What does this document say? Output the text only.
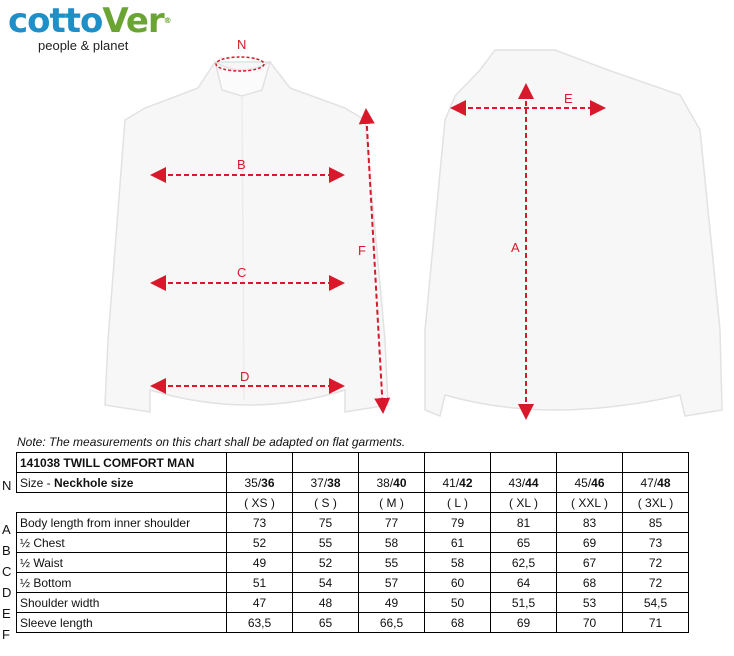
cottoVer®
people & planet	N
B
C
D
F
E
A
Note: The measurements on this chart shall be adapted on flat garments.
N
A
B
C
D
E
F
141038 TWILL COMFORT MAN							
Size - Neckhole size	35/36	37/38	38/40	41/42	43/44	45/46	47/48
	( XS )	( S )	( M )	( L )	( XL )	( XXL )	( 3XL )
Body length from inner shoulder	73	75	77	79	81	83	85
½ Chest	52	55	58	61	65	69	73
½ Waist	49	52	55	58	62,5	67	72
½ Bottom	51	54	57	60	64	68	72
Shoulder width	47	48	49	50	51,5	53	54,5
Sleeve length	63,5	65	66,5	68	69	70	71
